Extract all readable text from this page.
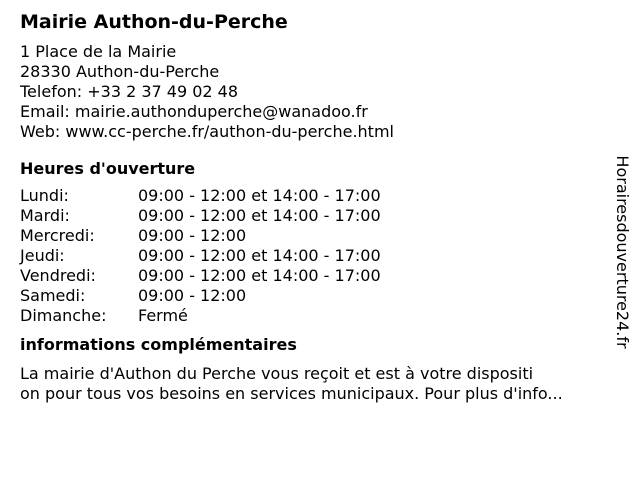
Mairie Authon-du-Perche
1 Place de la Mairie
28330 Authon-du-Perche
Telefon: +33 2 37 49 02 48
Email: mairie.authonduperche@wanadoo.fr
Web: www.cc-perche.fr/authon-du-perche.html
Heures d'ouverture
Lundi:	09:00 - 12:00 et 14:00 - 17:00
Mardi:	09:00 - 12:00 et 14:00 - 17:00
Mercredi:	09:00 - 12:00
Jeudi:	09:00 - 12:00 et 14:00 - 17:00
Vendredi:	09:00 - 12:00 et 14:00 - 17:00
Samedi:	09:00 - 12:00
Dimanche:	Fermé
informations complémentaires

La mairie d'Authon du Perche vous reçoit et est à votre dispositi

on pour tous vos besoins en services municipaux. Pour plus d'info...

Horairesdouverture24.fr
